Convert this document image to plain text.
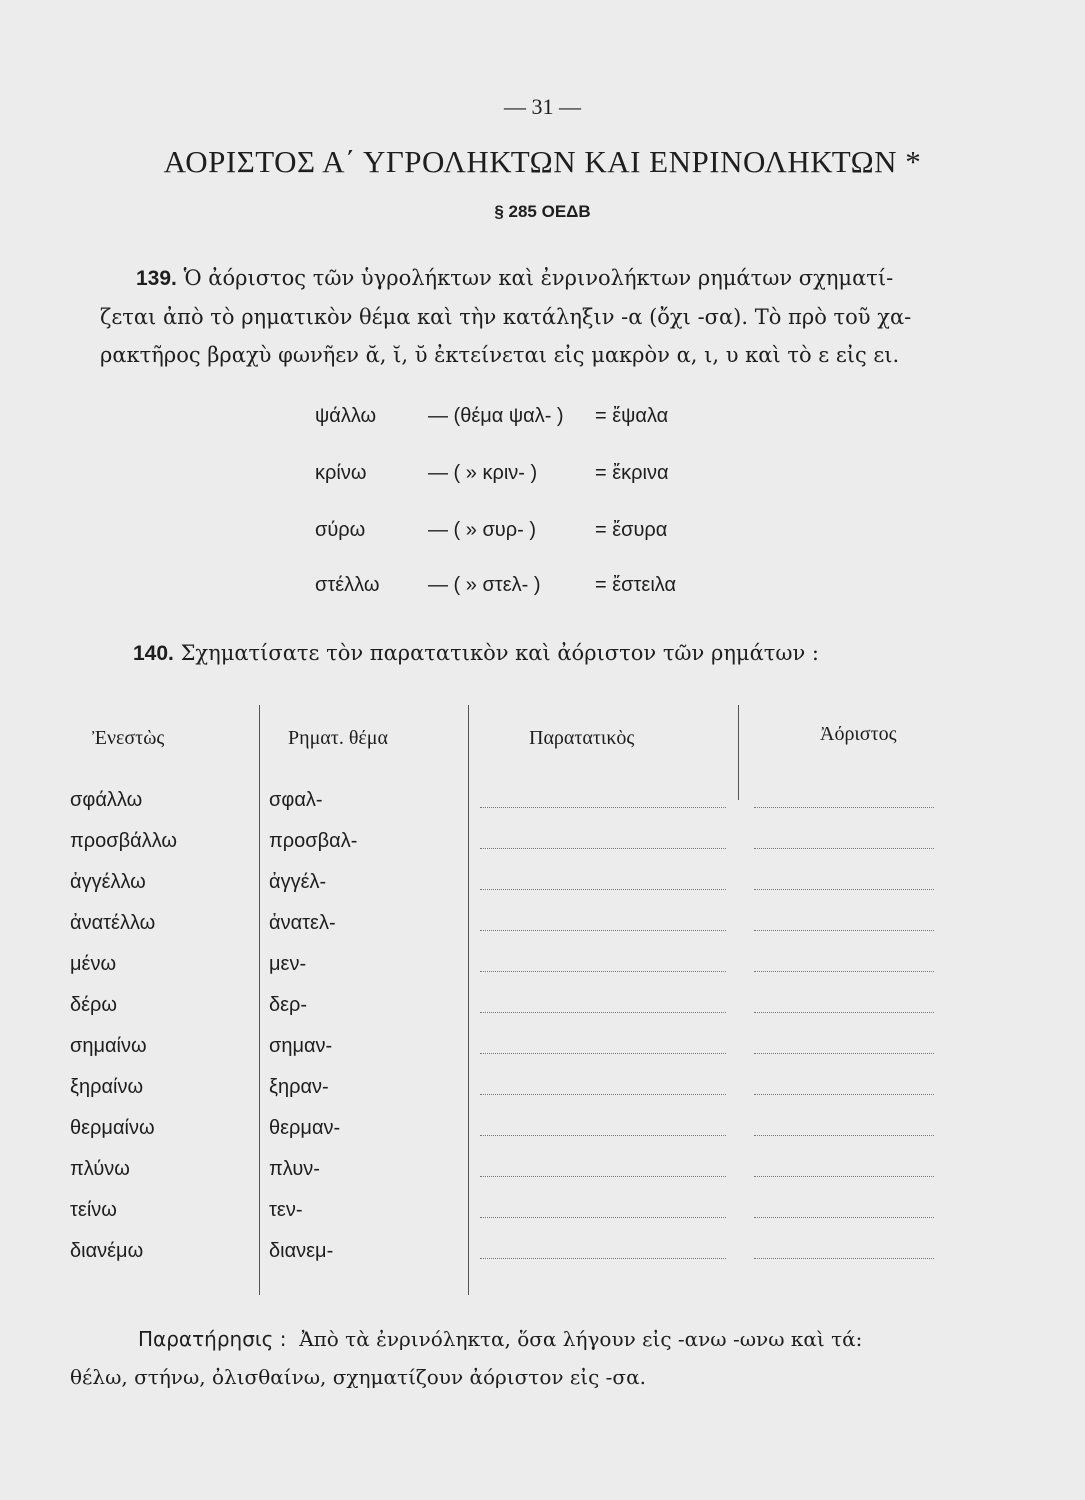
— 31 —
ΑΟΡΙΣΤΟΣ Α΄ ΥΓΡΟΛΗΚΤΩΝ ΚΑΙ ΕΝΡΙΝΟΛΗΚΤΩΝ *
§ 285 ΟΕΔΒ
139. Ὁ ἀόριστος τῶν ὑγρολήκτων καὶ ἐνρινολήκτων ρημάτων σχηματί-
ζεται ἀπὸ τὸ ρηματικὸν θέμα καὶ τὴν κατάληξιν -α (ὄχι -σα). Τὸ πρὸ τοῦ χα-
ρακτῆρος βραχὺ φωνῆεν ᾰ, ῐ, ῠ ἐκτείνεται εἰς μακρὸν α, ι, υ καὶ τὸ ε εἰς ει.
ψάλλω	— (θέμα ψαλ- ) = ἔψαλα
κρίνω	— ( » κριν- )	= ἔκρινα
σύρω	— ( » συρ- )	= ἔσυρα
στέλλω — ( » στελ- )	= ἔστειλα
140. Σχηματίσατε τὸν παρατατικὸν καὶ ἀόριστον τῶν ρημάτων :
Ἐνεστὼς	Ρηματ. θέμα	Παρατατικὸς	Ἀόριστος
σφάλλω	σφαλ-
προσβάλλω	προσβαλ-
ἀγγέλλω	ἀγγέλ-
ἀνατέλλω	ἀνατελ-
μένω	μεν-
δέρω	δερ-
σημαίνω	σημαν-
ξηραίνω	ξηραν-
θερμαίνω	θερμαν-
πλύνω	πλυν-
τείνω	τεν-
διανέμω	διανεμ-
Παρατήρησις : Ἀπὸ τὰ ἐνρινόληκτα, ὅσα λήγουν εἰς -ανω -ωνω καὶ τά:
θέλω, στήνω, ὀλισθαίνω, σχηματίζουν ἀόριστον εἰς -σα.
